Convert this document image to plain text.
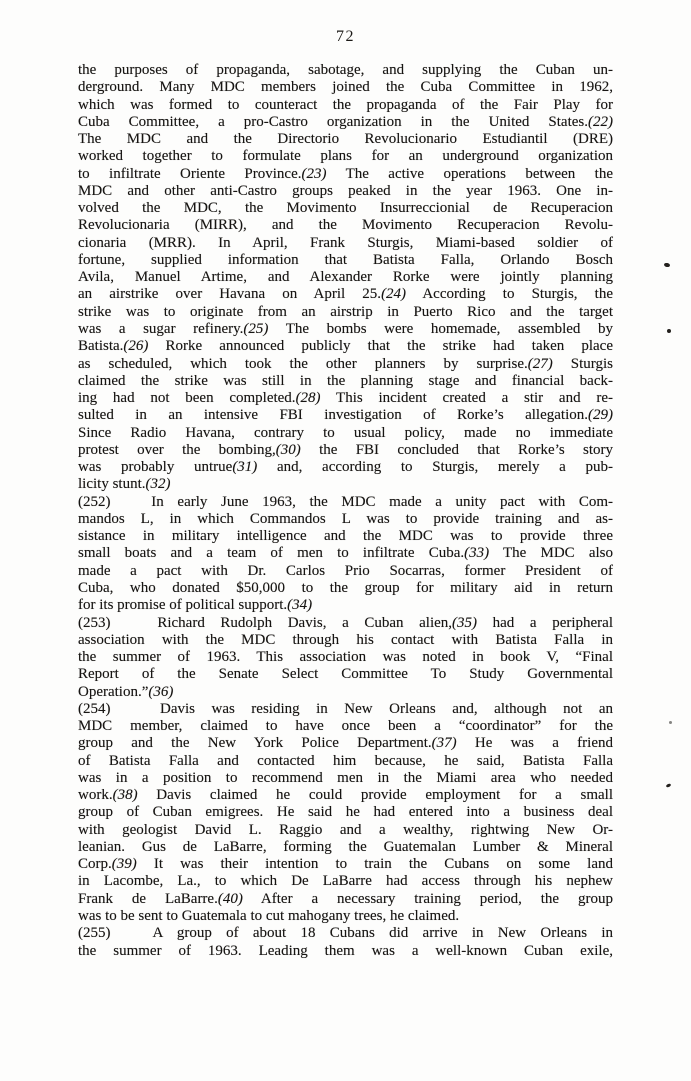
72
the purposes of propaganda, sabotage, and supplying the Cuban un-
derground. Many MDC members joined the Cuba Committee in 1962,
which was formed to counteract the propaganda of the Fair Play for
Cuba Committee, a pro-Castro organization in the United States.(22)
The MDC and the Directorio Revolucionario Estudiantil (DRE)
worked together to formulate plans for an underground organization
to infiltrate Oriente Province.(23) The active operations between the
MDC and other anti-Castro groups peaked in the year 1963. One in-
volved the MDC, the Movimento Insurreccionial de Recuperacion
Revolucionaria (MIRR), and the Movimento Recuperacion Revolu-
cionaria (MRR). In April, Frank Sturgis, Miami-based soldier of
fortune, supplied information that Batista Falla, Orlando Bosch
Avila, Manuel Artime, and Alexander Rorke were jointly planning
an airstrike over Havana on April 25.(24) According to Sturgis, the
strike was to originate from an airstrip in Puerto Rico and the target
was a sugar refinery.(25) The bombs were homemade, assembled by
Batista.(26) Rorke announced publicly that the strike had taken place
as scheduled, which took the other planners by surprise.(27) Sturgis
claimed the strike was still in the planning stage and financial back-
ing had not been completed.(28) This incident created a stir and re-
sulted in an intensive FBI investigation of Rorke’s allegation.(29)
Since Radio Havana, contrary to usual policy, made no immediate
protest over the bombing,(30) the FBI concluded that Rorke’s story
was probably untrue(31) and, according to Sturgis, merely a pub-
licity stunt.(32)
(252)   In early June 1963, the MDC made a unity pact with Com-
mandos L, in which Commandos L was to provide training and as-
sistance in military intelligence and the MDC was to provide three
small boats and a team of men to infiltrate Cuba.(33) The MDC also
made a pact with Dr. Carlos Prio Socarras, former President of
Cuba, who donated $50,000 to the group for military aid in return
for its promise of political support.(34)
(253)   Richard Rudolph Davis, a Cuban alien,(35) had a peripheral
association with the MDC through his contact with Batista Falla in
the summer of 1963. This association was noted in book V, “Final
Report of the Senate Select Committee To Study Governmental
Operation.”(36)
(254)   Davis was residing in New Orleans and, although not an
MDC member, claimed to have once been a “coordinator” for the
group and the New York Police Department.(37) He was a friend
of Batista Falla and contacted him because, he said, Batista Falla
was in a position to recommend men in the Miami area who needed
work.(38) Davis claimed he could provide employment for a small
group of Cuban emigrees. He said he had entered into a business deal
with geologist David L. Raggio and a wealthy, rightwing New Or-
leanian. Gus de LaBarre, forming the Guatemalan Lumber & Mineral
Corp.(39) It was their intention to train the Cubans on some land
in Lacombe, La., to which De LaBarre had access through his nephew
Frank de LaBarre.(40) After a necessary training period, the group
was to be sent to Guatemala to cut mahogany trees, he claimed.
(255)   A group of about 18 Cubans did arrive in New Orleans in
the summer of 1963. Leading them was a well-known Cuban exile,
